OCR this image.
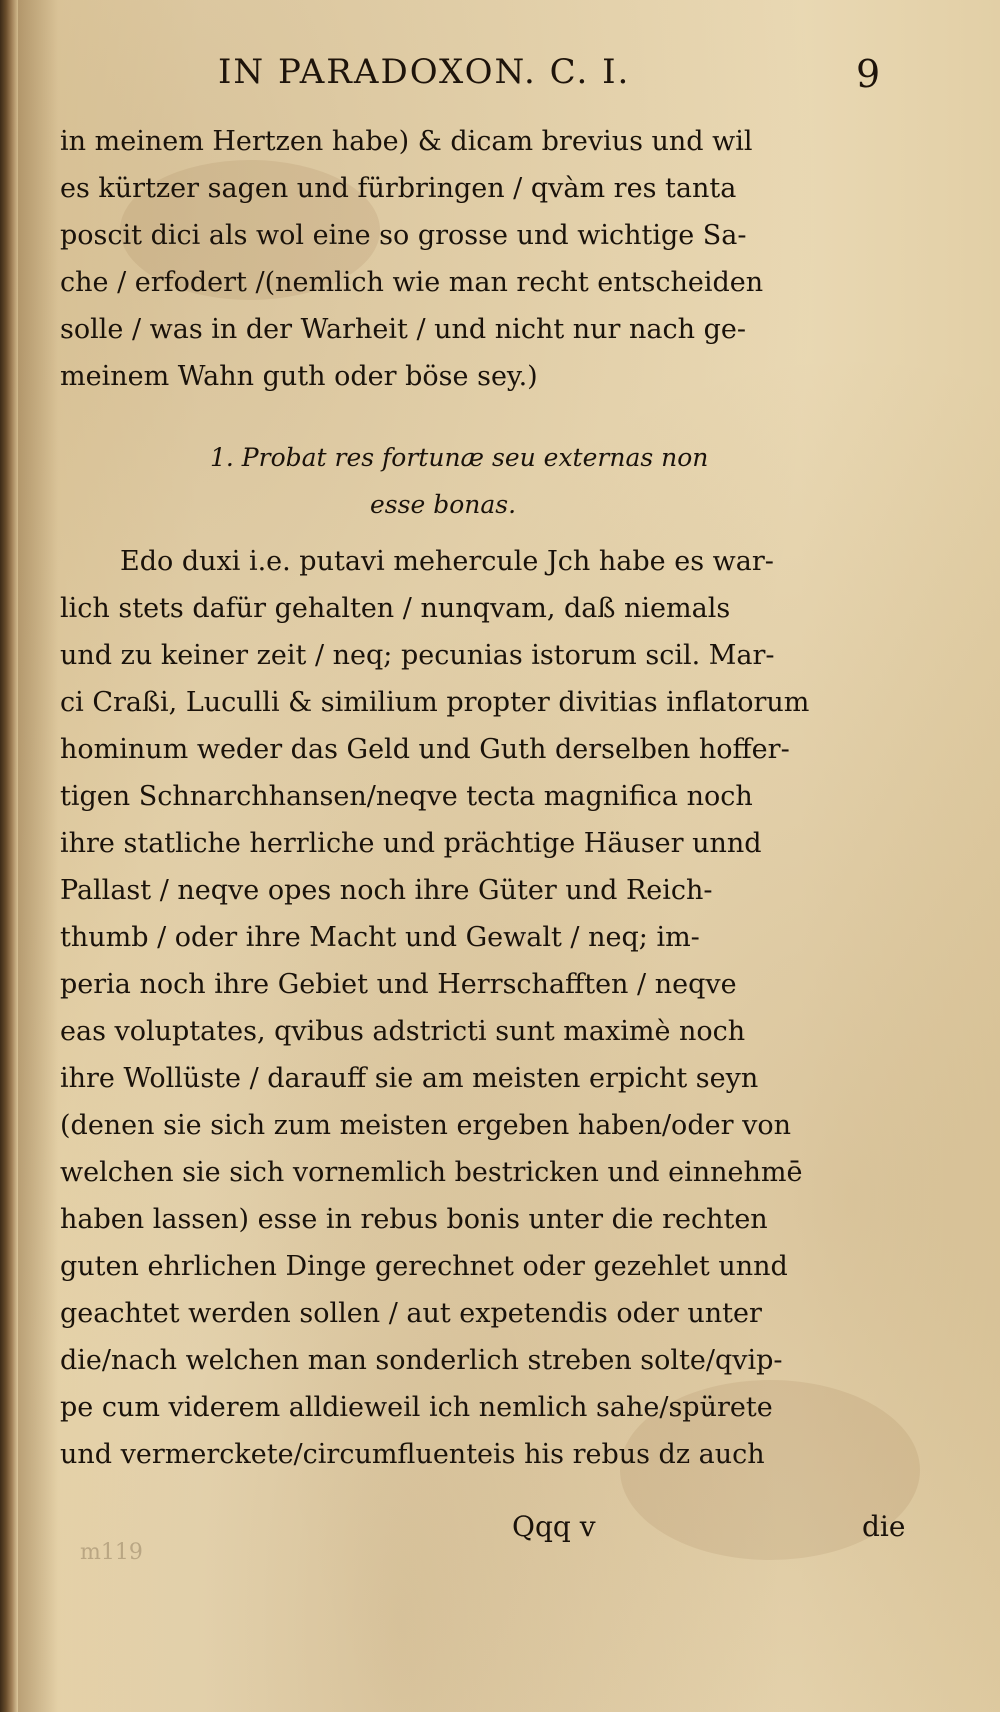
IN PARADOXON. C. I.	9
in meinem Hertzen habe) & dicam brevius und wil
es kürtzer sagen und fürbringen / qvàm res tanta
poscit dici als wol eine so grosse und wichtige Sa-
che / erfodert /(nemlich wie man recht entscheiden
solle / was in der Warheit / und nicht nur nach ge-
meinem Wahn guth oder böse sey.)
1. Probat res fortunæ seu externas non
esse bonas.
Edo duxi i.e. putavi mehercule Jch habe es war-
lich stets dafür gehalten / nunqvam, daß niemals
und zu keiner zeit / neq; pecunias istorum scil. Mar-
ci Craßi, Luculli & similium propter divitias inflatorum
hominum weder das Geld und Guth derselben hoffer-
tigen Schnarchhansen/neqve tecta magnifica noch
ihre statliche herrliche und prächtige Häuser unnd
Pallast / neqve opes noch ihre Güter und Reich-
thumb / oder ihre Macht und Gewalt / neq; im-
peria noch ihre Gebiet und Herrschafften / neqve
eas voluptates, qvibus adstricti sunt maximè noch
ihre Wollüste / darauff sie am meisten erpicht seyn
(denen sie sich zum meisten ergeben haben/oder von
welchen sie sich vornemlich bestricken und einnehmē
haben lassen) esse in rebus bonis unter die rechten
guten ehrlichen Dinge gerechnet oder gezehlet unnd
geachtet werden sollen / aut expetendis oder unter
die/nach welchen man sonderlich streben solte/qvip-
pe cum viderem alldieweil ich nemlich sahe/spürete
und vermerckete/circumfluenteis his rebus dz auch
Qqq v	die
m119
